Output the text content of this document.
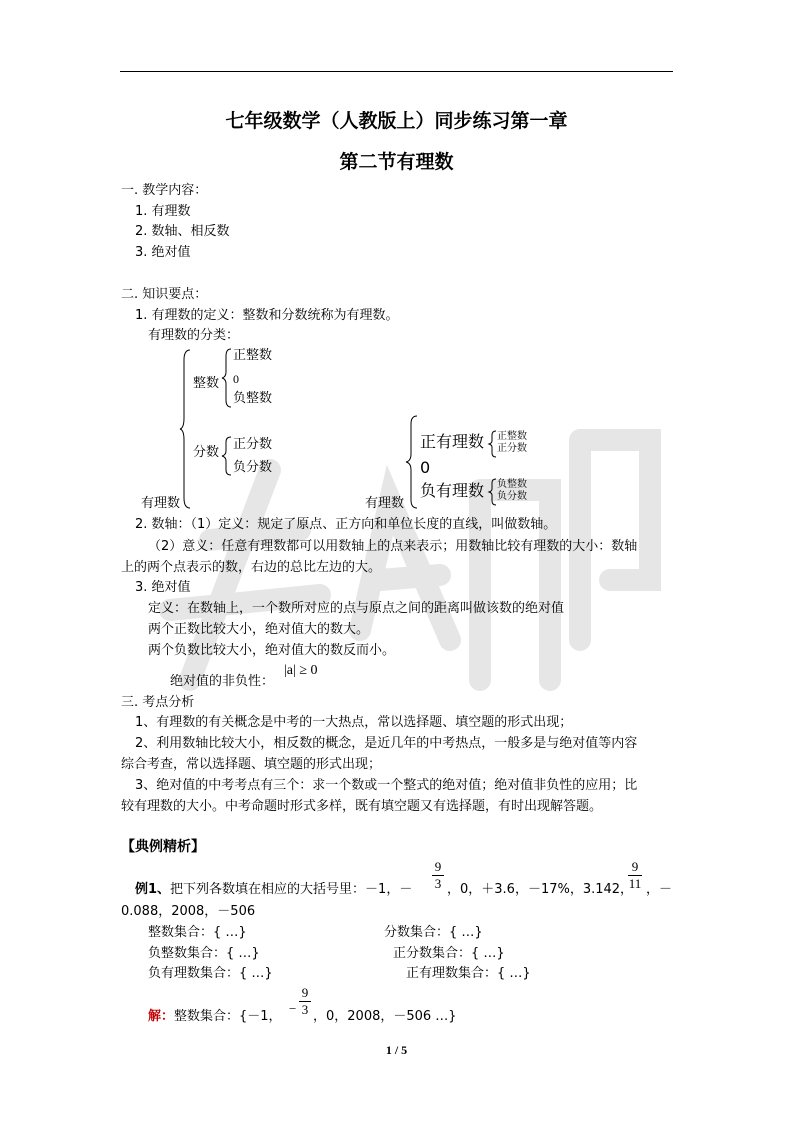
七年级数学（人教版上）同步练习第一章
第二节有理数
一. 教学内容：
1. 有理数
2. 数轴、相反数
3. 绝对值
二. 知识要点：
1. 有理数的定义：整数和分数统称为有理数。
有理数的分类：
整数
正整数
0
负整数
分数
正分数
负分数
有理数
正有理数 正整数
正分数
0
负有理数 负整数
负分数
有理数
2. 数轴：（1）定义：规定了原点、正方向和单位长度的直线，叫做数轴。
（2）意义：任意有理数都可以用数轴上的点来表示；用数轴比较有理数的大小：数轴
上的两个点表示的数，右边的总比左边的大。
3. 绝对值
定义：在数轴上，一个数所对应的点与原点之间的距离叫做该数的绝对值
两个正数比较大小，绝对值大的数大。
两个负数比较大小，绝对值大的数反而小。
绝对值的非负性：
|a| ≥ 0
三. 考点分析
1、有理数的有关概念是中考的一大热点，常以选择题、填空题的形式出现；
2、利用数轴比较大小，相反数的概念，是近几年的中考热点，一般多是与绝对值等内容
综合考查，常以选择题、填空题的形式出现；
3、绝对值的中考考点有三个：求一个数或一个整式的绝对值；绝对值非负性的应用；比
较有理数的大小。中考命题时形式多样，既有填空题又有选择题，有时出现解答题。
【典例精析】
例1、把下列各数填在相应的大括号里：－1，－
9
3 ，0，＋3.6，－17%，3.142，
9
11 ，－
0.088，2008，－506
整数集合：{ …}	分数集合：{ …}
负整数集合：{ …}	正分数集合：{ …}
负有理数集合：{ …}	正有理数集合：{ …}
解：整数集合：{－1，
−
9
3 ，0，2008，－506 …}
1 / 5
